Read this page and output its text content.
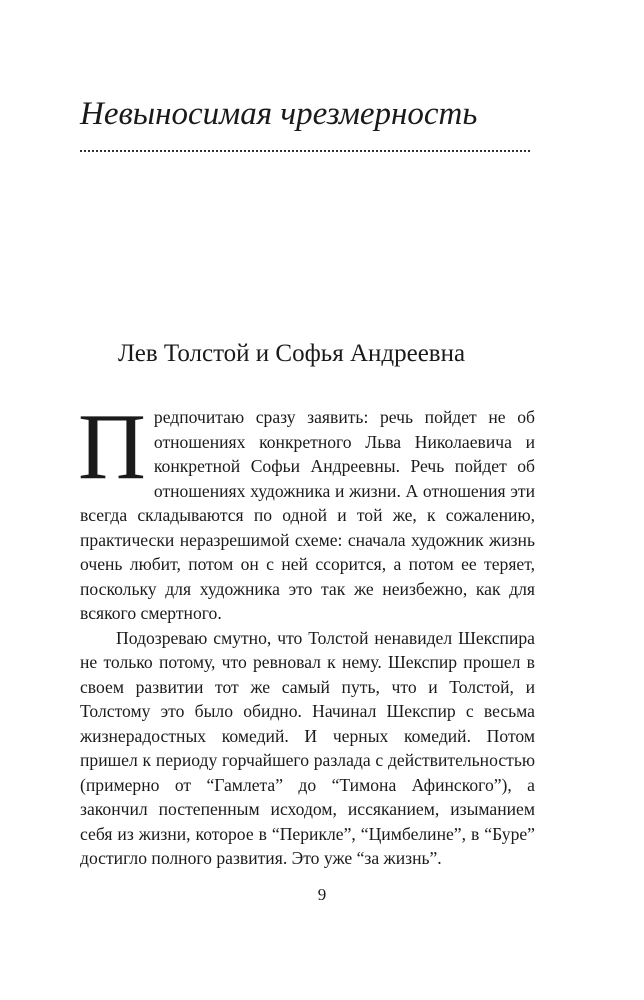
Невыносимая чрезмерность
Лев Толстой и Софья Андреевна

Предпочитаю сразу заявить: речь пойдет не об отношениях конкретного Льва Николаевича и конкретной Софьи Андреевны. Речь пойдет об отношениях художника и жизни. А отношения эти всегда складываются по одной и той же, к сожалению, практически неразрешимой схеме: сначала художник жизнь очень любит, потом он с ней ссорится, а потом ее теряет, поскольку для художника это так же неизбежно, как для всякого смертного.

Подозреваю смутно, что Толстой ненавидел Шекспира не только потому, что ревновал к нему. Шекспир прошел в своем развитии тот же самый путь, что и Толстой, и Толстому это было обидно. Начинал Шекспир с весьма жизнерадостных комедий. И черных комедий. Потом пришел к периоду горчайшего разлада с действительностью (примерно от “Гамлета” до “Тимона Афинского”), а закончил постепенным исходом, иссяканием, изыманием себя из жизни, которое в “Перикле”, “Цимбелине”, в “Буре” достигло полного развития. Это уже “за жизнь”.

9
